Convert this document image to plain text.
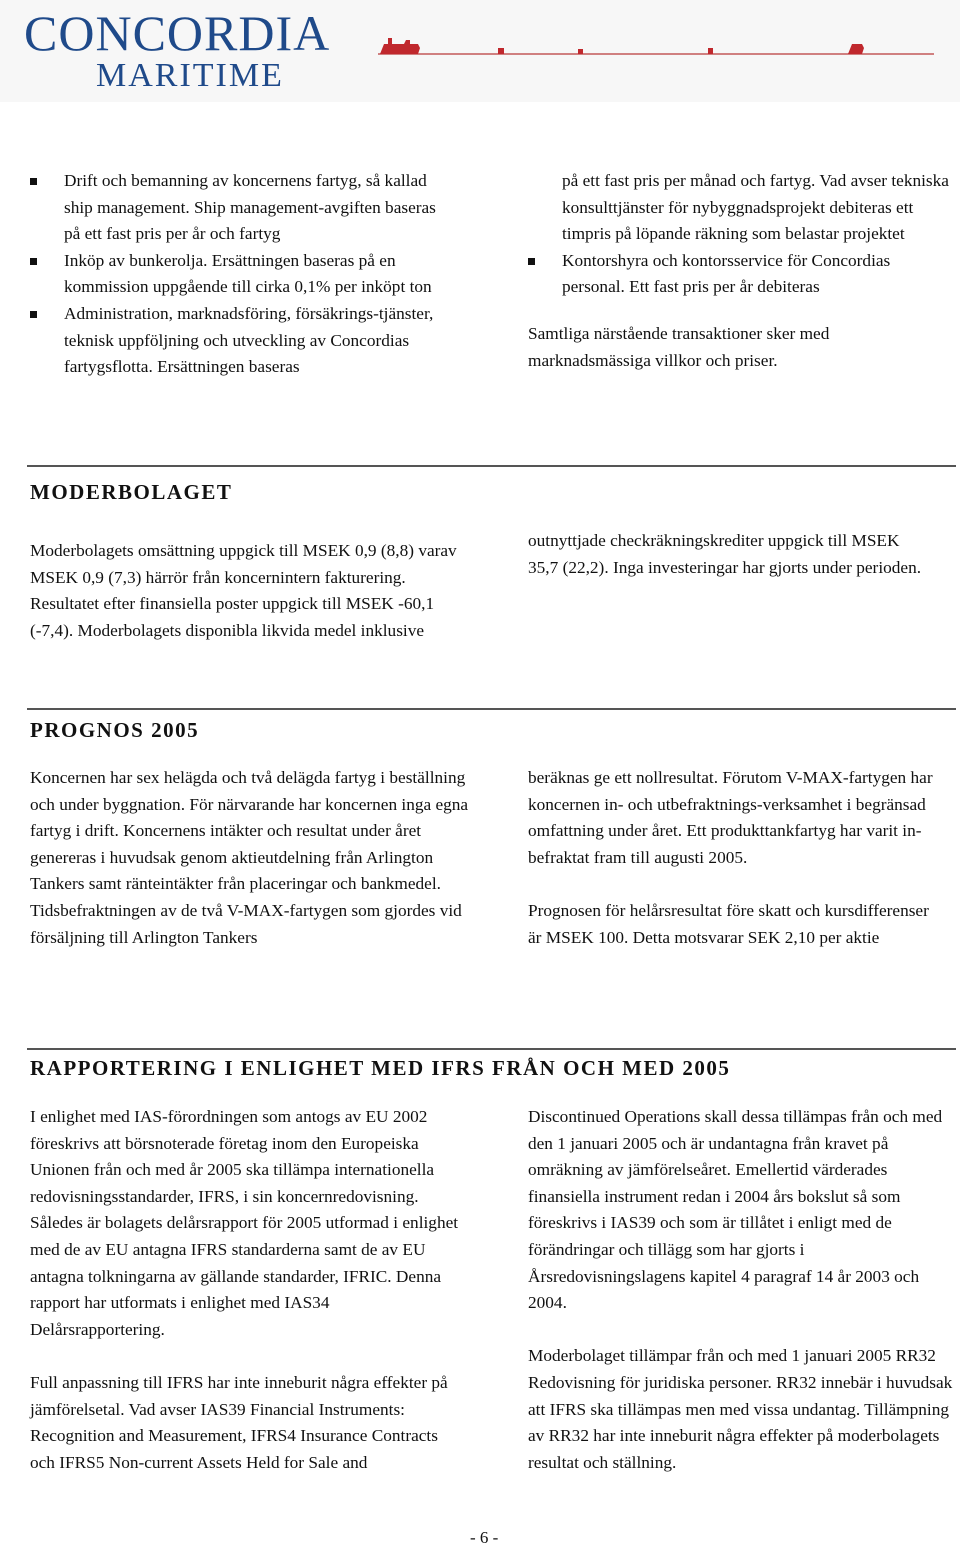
CONCORDIA
MARITIME
Drift och bemanning av koncernens fartyg, så kallad ship management. Ship management-avgiften baseras på ett fast pris per år och fartyg
Inköp av bunkerolja. Ersättningen baseras på en kommission uppgående till cirka 0,1% per inköpt ton
Administration, marknadsföring, försäkrings-tjänster, teknisk uppföljning och utveckling av Concordias fartygsflotta. Ersättningen baseras
på ett fast pris per månad och fartyg. Vad avser tekniska konsulttjänster för nybyggnadsprojekt debiteras ett timpris på löpande räkning som belastar projektet
Kontorshyra och kontorsservice för Concordias personal. Ett fast pris per år debiteras

Samtliga närstående transaktioner sker med marknadsmässiga villkor och priser.

MODERBOLAGET

Moderbolagets omsättning uppgick till MSEK 0,9 (8,8) varav MSEK 0,9 (7,3) härrör från koncernintern fakturering. Resultatet efter finansiella poster uppgick till MSEK -60,1 (-7,4). Moderbolagets disponibla likvida medel inklusive

outnyttjade checkräkningskrediter uppgick till MSEK 35,7 (22,2). Inga investeringar har gjorts under perioden.

PROGNOS 2005

Koncernen har sex helägda och två delägda fartyg i beställning och under byggnation. För närvarande har koncernen inga egna fartyg i drift. Koncernens intäkter och resultat under året genereras i huvudsak genom aktieutdelning från Arlington Tankers samt ränteintäkter från placeringar och bankmedel.

Tidsbefraktningen av de två V-MAX-fartygen som gjordes vid försäljning till Arlington Tankers

beräknas ge ett nollresultat. Förutom V-MAX-fartygen har koncernen in- och utbefraktnings-verksamhet i begränsad omfattning under året. Ett produkttankfartyg har varit in-befraktat fram till augusti 2005.

Prognosen för helårsresultat före skatt och kursdifferenser är MSEK 100. Detta motsvarar SEK 2,10 per aktie

RAPPORTERING I ENLIGHET MED IFRS FRÅN OCH MED 2005

I enlighet med IAS-förordningen som antogs av EU 2002 föreskrivs att börsnoterade företag inom den Europeiska Unionen från och med år 2005 ska tillämpa internationella redovisningsstandarder, IFRS, i sin koncernredovisning. Således är bolagets delårsrapport för 2005 utformad i enlighet med de av EU antagna IFRS standarderna samt de av EU antagna tolkningarna av gällande standarder, IFRIC. Denna rapport har utformats i enlighet med IAS34 Delårsrapportering.

Full anpassning till IFRS har inte inneburit några effekter på jämförelsetal. Vad avser IAS39 Financial Instruments: Recognition and Measurement, IFRS4 Insurance Contracts och IFRS5 Non-current Assets Held for Sale and

Discontinued Operations skall dessa tillämpas från och med den 1 januari 2005 och är undantagna från kravet på omräkning av jämförelseåret. Emellertid värderades finansiella instrument redan i 2004 års bokslut så som föreskrivs i IAS39 och som är tillåtet i enligt med de förändringar och tillägg som har gjorts i Årsredovisningslagens kapitel 4 paragraf 14 år 2003 och 2004.

Moderbolaget tillämpar från och med 1 januari 2005 RR32 Redovisning för juridiska personer. RR32 innebär i huvudsak att IFRS ska tillämpas men med vissa undantag. Tillämpning av RR32 har inte inneburit några effekter på moderbolagets resultat och ställning.

- 6 -
